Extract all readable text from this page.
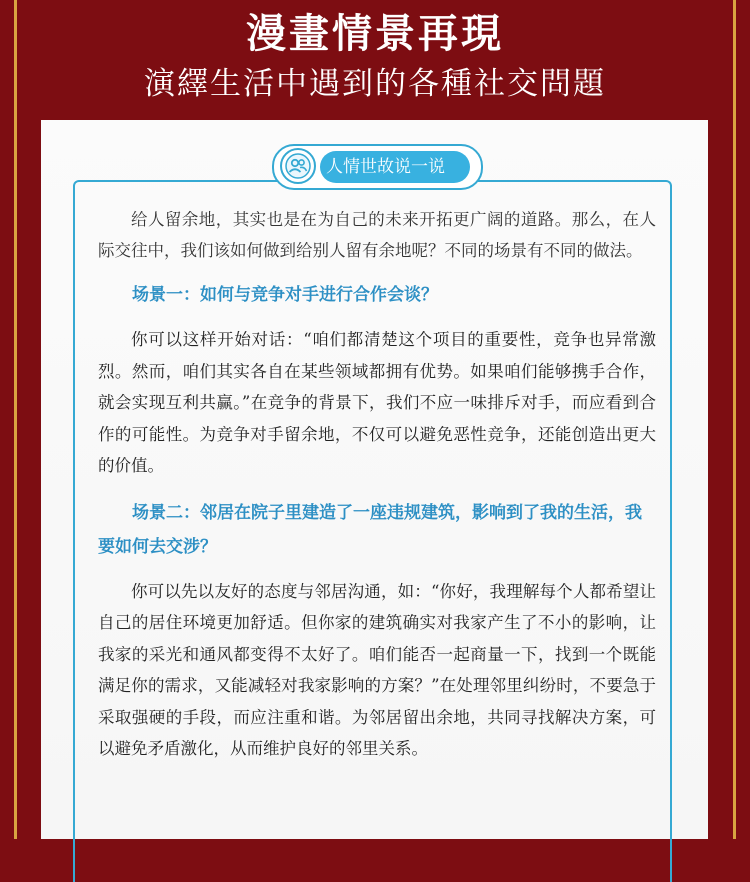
漫畫情景再現
演繹生活中遇到的各種社交問題
人情世故说一说

给人留余地，其实也是在为自己的未来开拓更广阔的道路。那么，在人际交往中，我们该如何做到给别人留有余地呢？不同的场景有不同的做法。

场景一：如何与竞争对手进行合作会谈？

你可以这样开始对话：“咱们都清楚这个项目的重要性，竞争也异常激烈。然而，咱们其实各自在某些领域都拥有优势。如果咱们能够携手合作，就会实现互利共赢。”在竞争的背景下，我们不应一味排斥对手，而应看到合作的可能性。为竞争对手留余地，不仅可以避免恶性竞争，还能创造出更大的价值。

场景二：邻居在院子里建造了一座违规建筑，影响到了我的生活，我要如何去交涉？

你可以先以友好的态度与邻居沟通，如：“你好，我理解每个人都希望让自己的居住环境更加舒适。但你家的建筑确实对我家产生了不小的影响，让我家的采光和通风都变得不太好了。咱们能否一起商量一下，找到一个既能满足你的需求，又能减轻对我家影响的方案？”在处理邻里纠纷时，不要急于采取强硬的手段，而应注重和谐。为邻居留出余地，共同寻找解决方案，可以避免矛盾激化，从而维护良好的邻里关系。
